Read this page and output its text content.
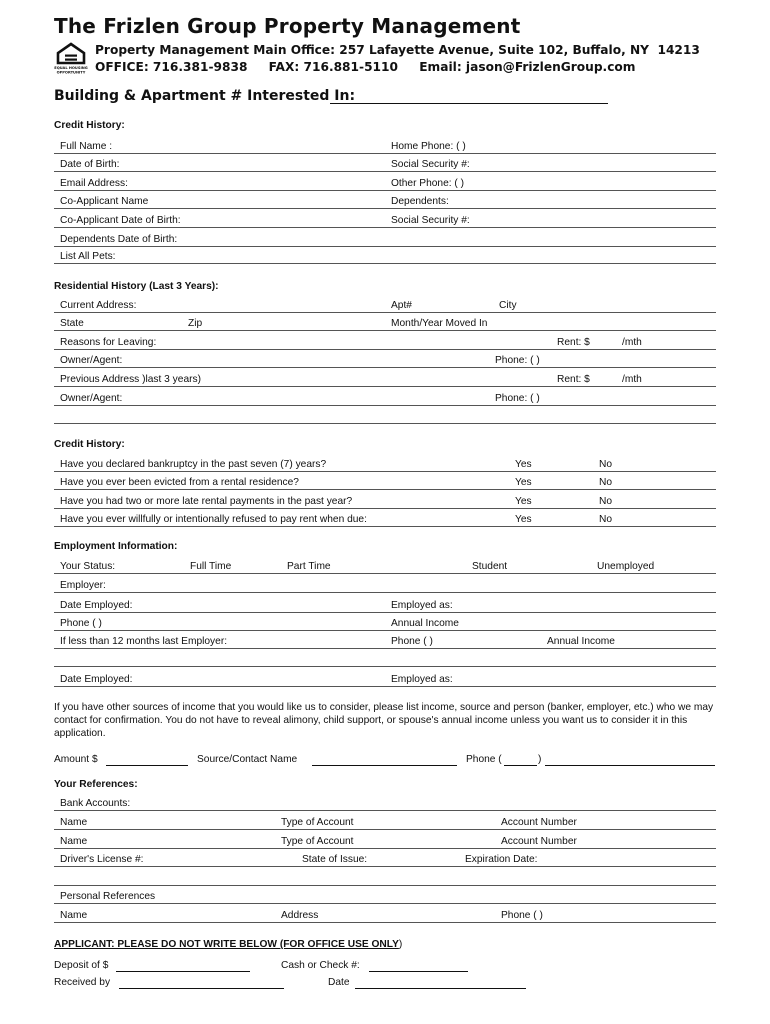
The Frizlen Group Property Management
EQUAL HOUSING
OPPORTUNITY
Property Management Main Office: 257 Lafayette Avenue, Suite 102, Buffalo, NY  14213
OFFICE: 716.381-9838     FAX: 716.881-5110     Email: jason@FrizlenGroup.com
Building & Apartment # Interested In:
Credit History:
Full Name :	Home Phone: ( )
Date of Birth:	Social Security #:
Email Address:	Other Phone: ( )
Co-Applicant Name	Dependents:
Co-Applicant Date of Birth:	Social Security #:
Dependents Date of Birth:
List All Pets:
Residential History (Last 3 Years):
Current Address:	Apt#	City
State	Zip	Month/Year Moved In
Reasons for Leaving:	Rent: $	/mth
Owner/Agent:	Phone: ( )
Previous Address )last 3 years)	Rent: $	/mth
Owner/Agent:	Phone: ( )
Credit History:
Have you declared bankruptcy in the past seven (7) years?	Yes	No
Have you ever been evicted from a rental residence?	Yes	No
Have you had two or more late rental payments in the past year?	Yes	No
Have you ever willfully or intentionally refused to pay rent when due:	Yes	No
Employment Information:
Your Status:	Full Time	Part Time	Student	Unemployed
Employer:
Date Employed:	Employed as:
Phone ( )	Annual Income
If less than 12 months last Employer:	Phone ( )	Annual Income
Date Employed:	Employed as:
If you have other sources of income that you would like us to consider, please list income, source and person (banker, employer, etc.) who we may contact for confirmation. You do not have to reveal alimony, child support, or spouse's annual income unless you want us to consider it in this application.
Amount $	Source/Contact Name	Phone (	)
Your References:
Bank Accounts:
Name	Type of Account	Account Number
Name	Type of Account	Account Number
Driver's License #:	State of Issue:	Expiration Date:
Personal References
Name	Address	Phone ( )
APPLICANT: PLEASE DO NOT WRITE BELOW (FOR OFFICE USE ONLY)
Deposit of $	Cash or Check #:
Received by	Date
